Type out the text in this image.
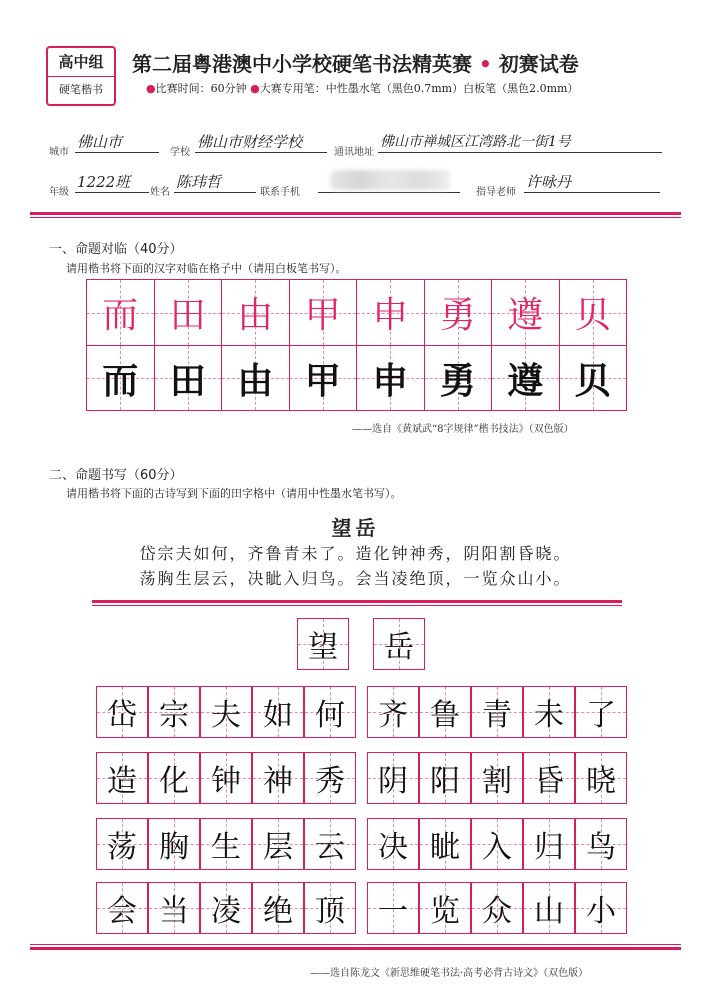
高中组
硬笔楷书
第二届粤港澳中小学校硬笔书法精英赛 • 初赛试卷
●比赛时间：60分钟 ●大赛专用笔：中性墨水笔（黑色0.7mm）白板笔（黑色2.0mm）
城市
佛山市
学校
佛山市财经学校
通讯地址
佛山市禅城区江湾路北一街1号
年级
1222班
姓名
陈玮哲
联系手机	指导老师
许咏丹
一、命题对临（40分）
请用楷书将下面的汉字对临在格子中（请用白板笔书写）。
而 田 由 甲 申 勇 遵 贝
而 田 由 甲 申 勇 遵 贝
——选自《黄斌武“8字规律”楷书技法》（双色版）
二、命题书写（60分）
请用楷书将下面的古诗写到下面的田字格中（请用中性墨水笔书写）。
望岳
岱宗夫如何，齐鲁青未了。造化钟神秀，阴阳割昏晓。
荡胸生层云，决眦入归鸟。会当凌绝顶，一览众山小。
望 岳
岱 宗 夫 如 何 齐 鲁 青 未 了
造 化 钟 神 秀 阴 阳 割 昏 晓
荡 胸 生 层 云 决 眦 入 归 鸟
会 当 凌 绝 顶 一 览 众 山 小
——选自陈龙文《新思维硬笔书法·高考必背古诗文》（双色版）
